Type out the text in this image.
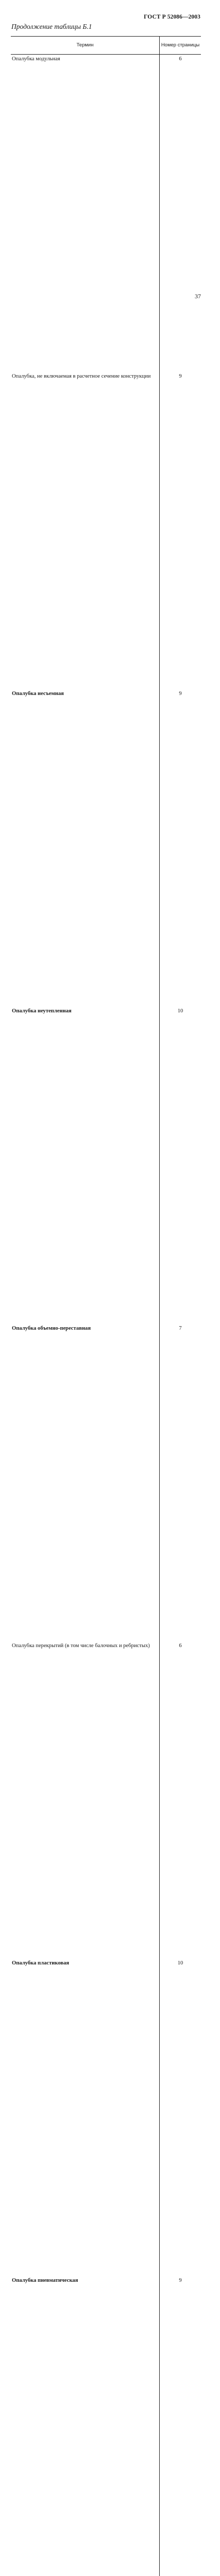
ГОСТ Р 52086—2003
Продолжение таблицы Б.1
Термин	Номер страницы
Опалубка модульная	6
Опалубка, не включаемая в расчетное сечение конструкции	9
Опалубка несъемная	9
Опалубка неутепленная	10
Опалубка объемно-переставная	7
Опалубка перекрытий (в том числе балочных и ребристых)	6
Опалубка пластиковая	10
Опалубка пневматическая	9

37
